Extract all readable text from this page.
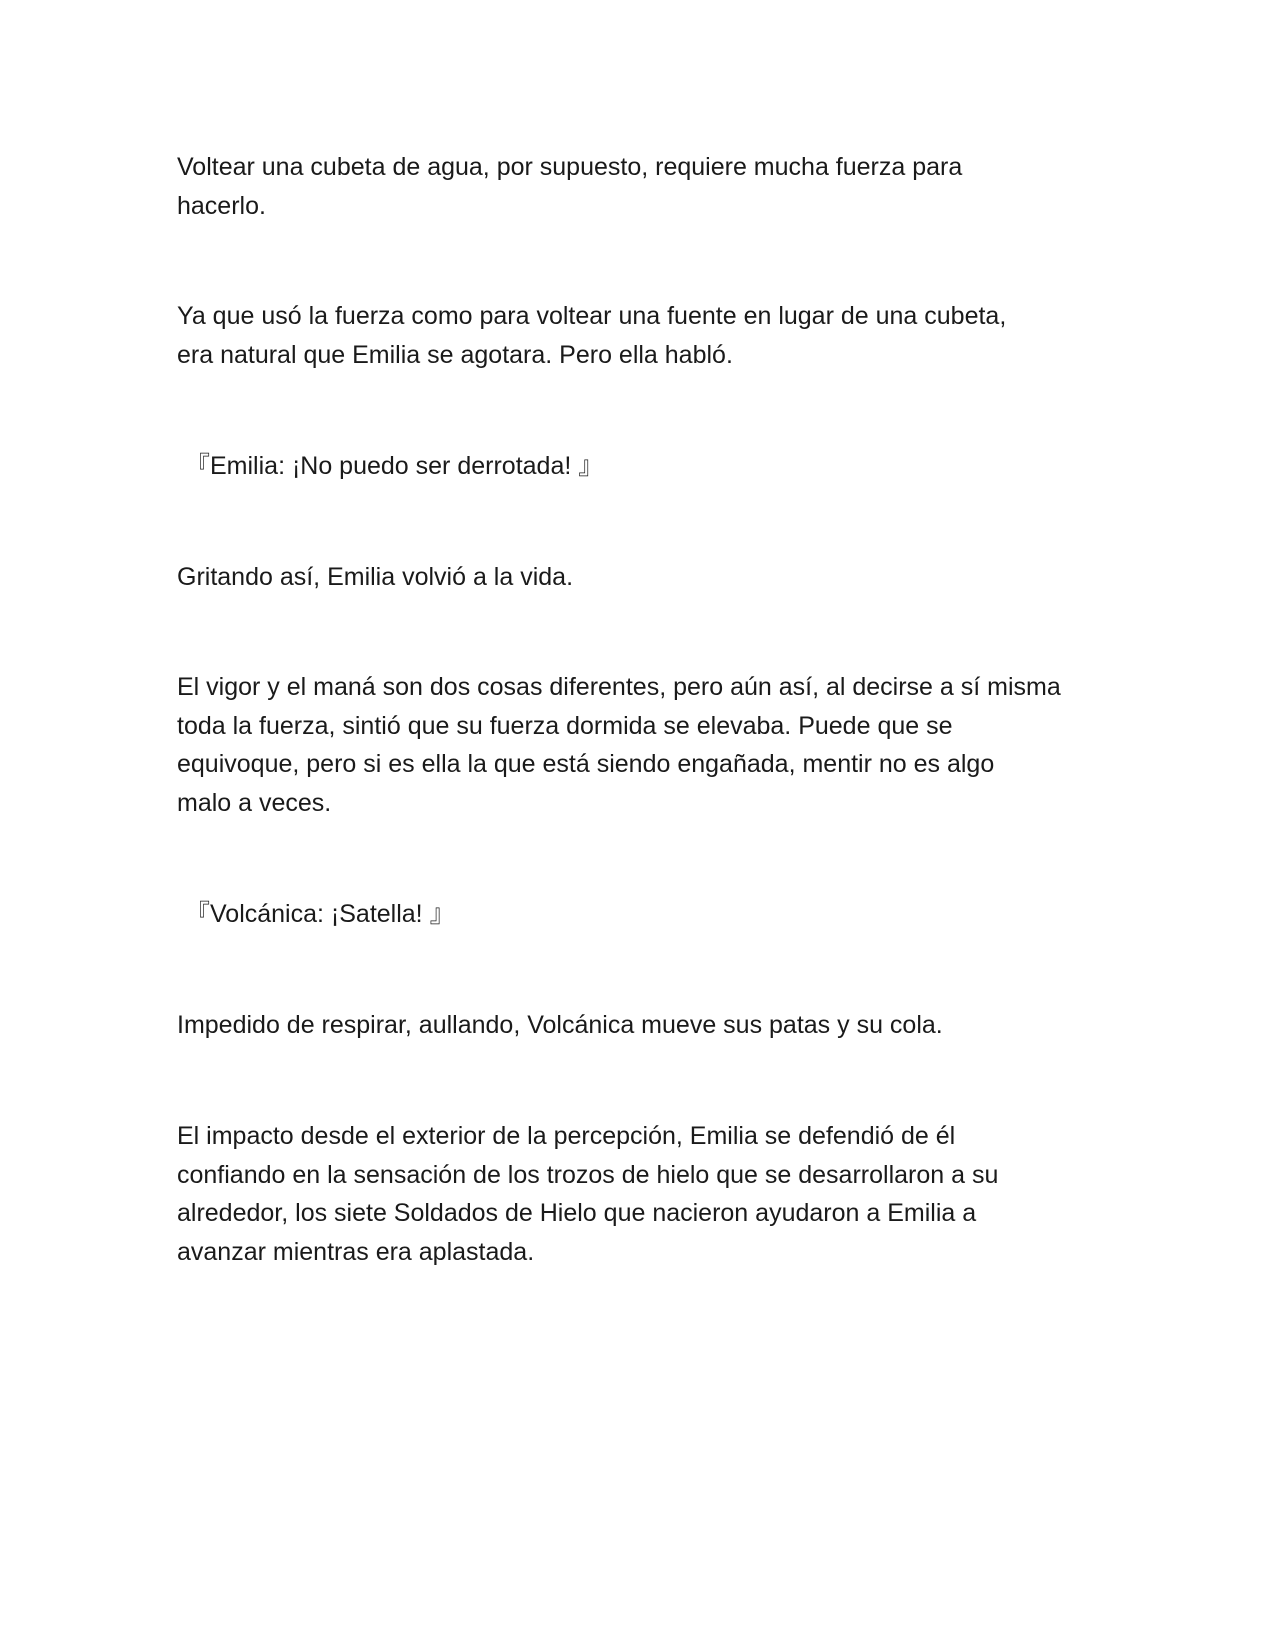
Voltear una cubeta de agua, por supuesto, requiere mucha fuerza para
hacerlo.

Ya que usó la fuerza como para voltear una fuente en lugar de una cubeta,
era natural que Emilia se agotara. Pero ella habló.

『Emilia: ¡No puedo ser derrotada! 』

Gritando así, Emilia volvió a la vida.

El vigor y el maná son dos cosas diferentes, pero aún así, al decirse a sí misma
toda la fuerza, sintió que su fuerza dormida se elevaba. Puede que se
equivoque, pero si es ella la que está siendo engañada, mentir no es algo
malo a veces.

『Volcánica: ¡Satella! 』

Impedido de respirar, aullando, Volcánica mueve sus patas y su cola.

El impacto desde el exterior de la percepción, Emilia se defendió de él
confiando en la sensación de los trozos de hielo que se desarrollaron a su
alrededor, los siete Soldados de Hielo que nacieron ayudaron a Emilia a
avanzar mientras era aplastada.
